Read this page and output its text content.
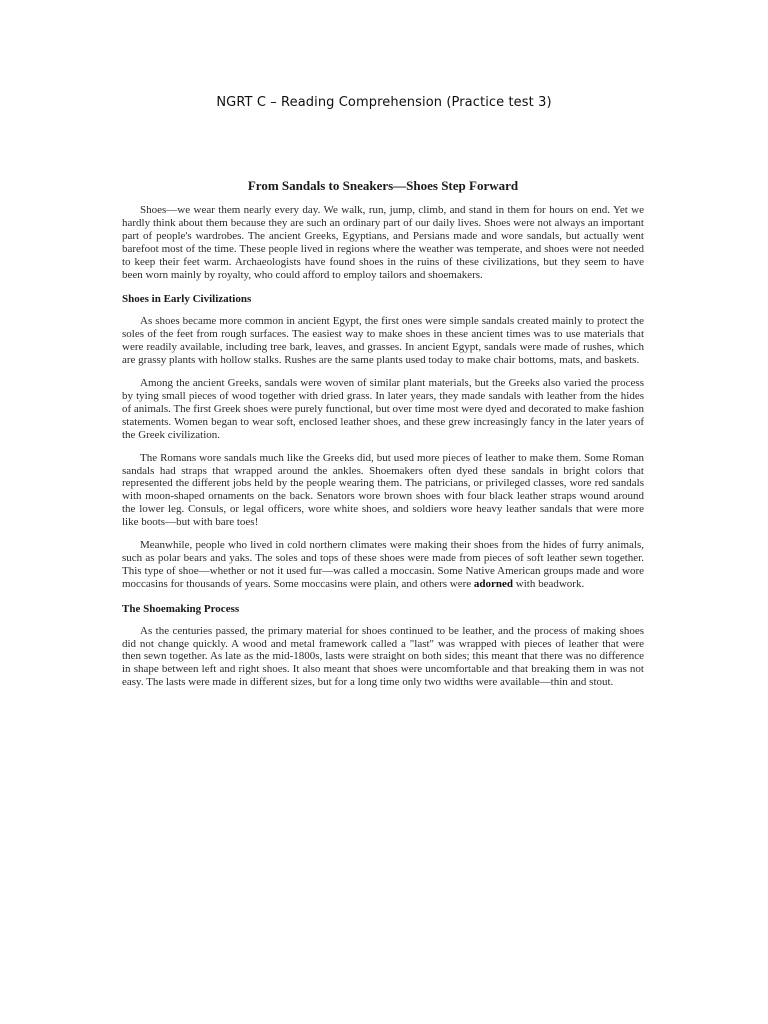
NGRT C – Reading Comprehension (Practice test 3)
From Sandals to Sneakers—Shoes Step Forward

Shoes—we wear them nearly every day. We walk, run, jump, climb, and stand in them for hours on end. Yet we hardly think about them because they are such an ordinary part of our daily lives. Shoes were not always an important part of people's wardrobes. The ancient Greeks, Egyptians, and Persians made and wore sandals, but actually went barefoot most of the time. These people lived in regions where the weather was temperate, and shoes were not needed to keep their feet warm. Archaeologists have found shoes in the ruins of these civilizations, but they seem to have been worn mainly by royalty, who could afford to employ tailors and shoemakers.

Shoes in Early Civilizations

As shoes became more common in ancient Egypt, the first ones were simple sandals created mainly to protect the soles of the feet from rough surfaces. The easiest way to make shoes in these ancient times was to use materials that were readily available, including tree bark, leaves, and grasses. In ancient Egypt, sandals were made of rushes, which are grassy plants with hollow stalks. Rushes are the same plants used today to make chair bottoms, mats, and baskets.

Among the ancient Greeks, sandals were woven of similar plant materials, but the Greeks also varied the process by tying small pieces of wood together with dried grass. In later years, they made sandals with leather from the hides of animals. The first Greek shoes were purely functional, but over time most were dyed and decorated to make fashion statements. Women began to wear soft, enclosed leather shoes, and these grew increasingly fancy in the later years of the Greek civilization.

The Romans wore sandals much like the Greeks did, but used more pieces of leather to make them. Some Roman sandals had straps that wrapped around the ankles. Shoemakers often dyed these sandals in bright colors that represented the different jobs held by the people wearing them. The patricians, or privileged classes, wore red sandals with moon-shaped ornaments on the back. Senators wore brown shoes with four black leather straps wound around the lower leg. Consuls, or legal officers, wore white shoes, and soldiers wore heavy leather sandals that were more like boots—but with bare toes!

Meanwhile, people who lived in cold northern climates were making their shoes from the hides of furry animals, such as polar bears and yaks. The soles and tops of these shoes were made from pieces of soft leather sewn together. This type of shoe—whether or not it used fur—was called a moccasin. Some Native American groups made and wore moccasins for thousands of years. Some moccasins were plain, and others were adorned with beadwork.

The Shoemaking Process

As the centuries passed, the primary material for shoes continued to be leather, and the process of making shoes did not change quickly. A wood and metal framework called a "last" was wrapped with pieces of leather that were then sewn together. As late as the mid-1800s, lasts were straight on both sides; this meant that there was no difference in shape between left and right shoes. It also meant that shoes were uncomfortable and that breaking them in was not easy. The lasts were made in different sizes, but for a long time only two widths were available—thin and stout.
